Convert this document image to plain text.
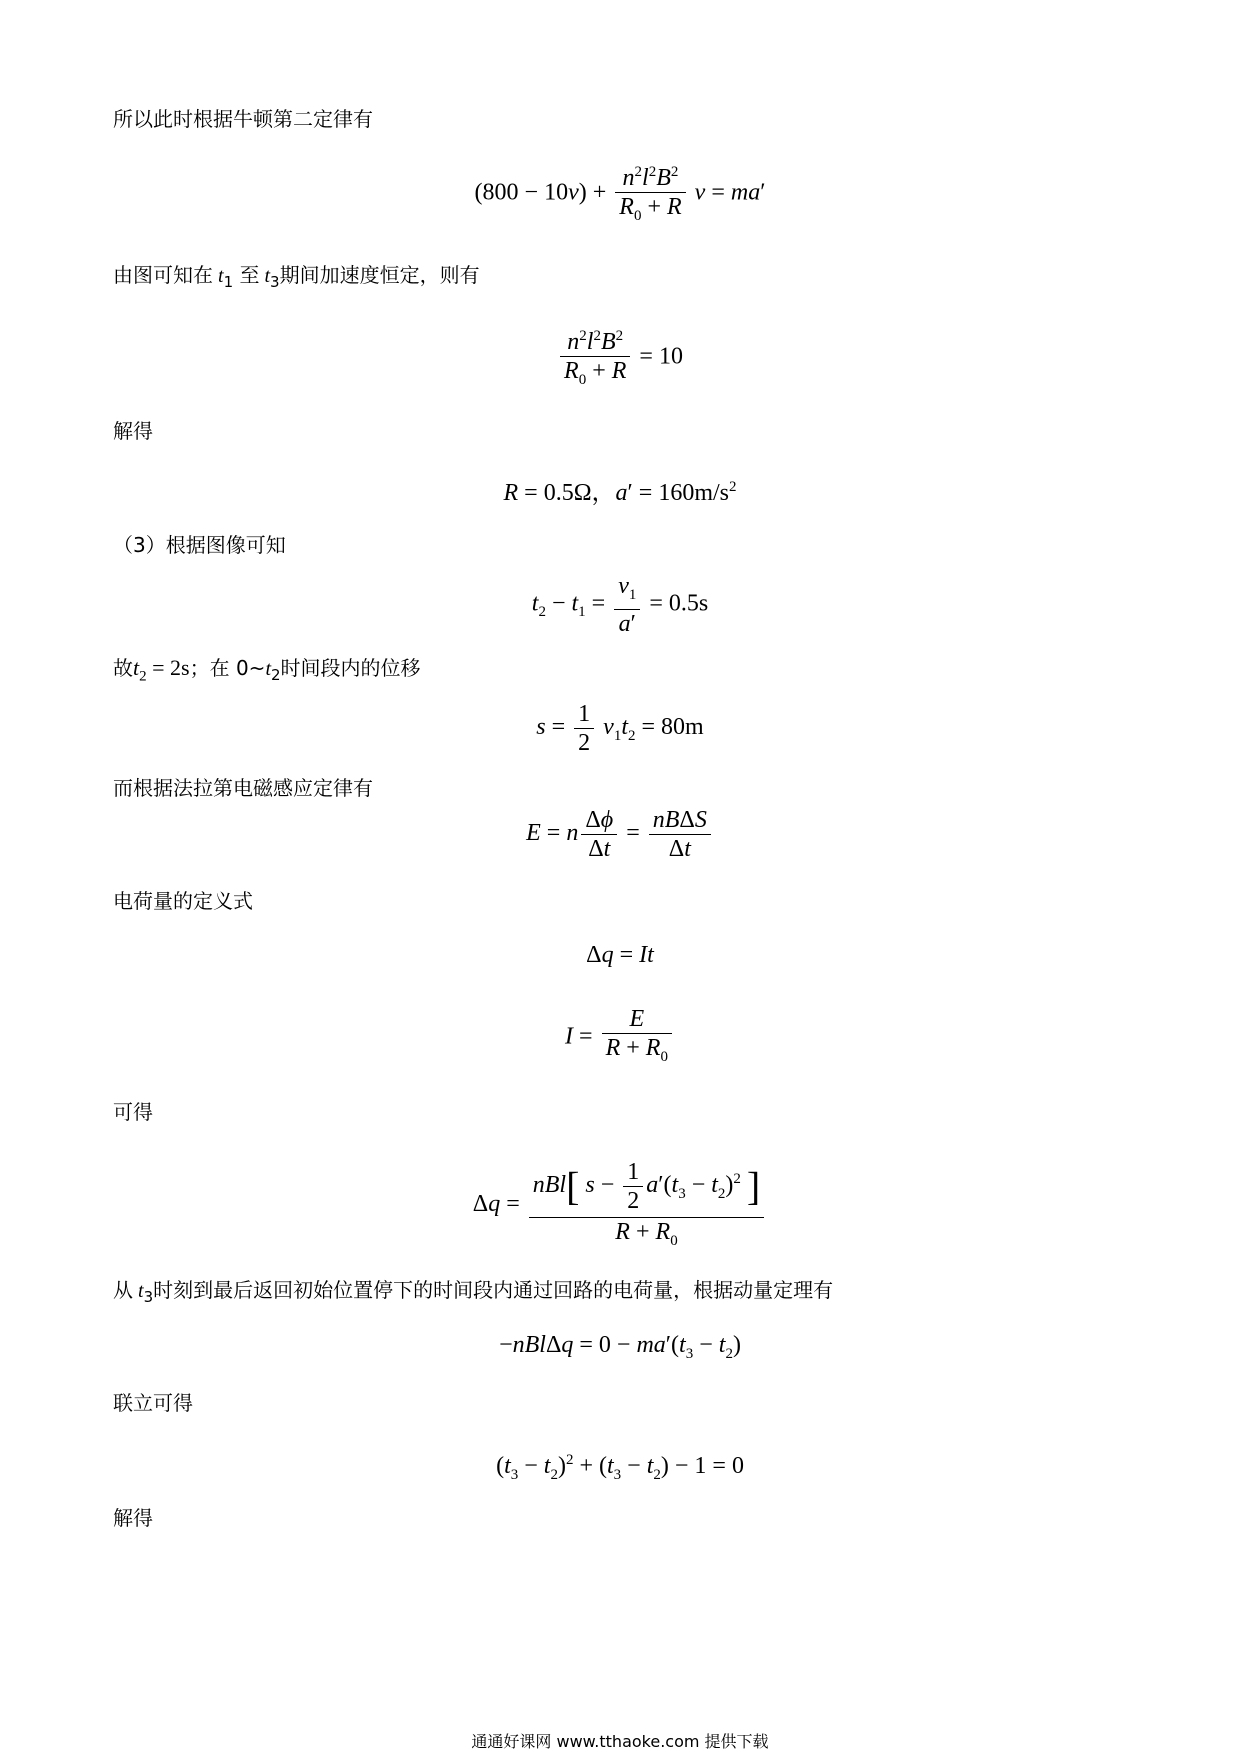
所以此时根据牛顿第二定律有
$(800 - 10v) + \frac{n^2l^2B^2}{R_0 + R}$ v = ma′
由图可知在 $t_1$ 至 $t_3$期间加速度恒定，则有
$\frac{n^2l^2B^2}{R_0 + R} = 10$
解得
R = 0.5Ω，$a' = 160m/s^2$
（3）根据图像可知
$t_2 - t_1 = \frac{v_1}{a'} = 0.5s$
故$t_2 = 2s$；在 $0\sim t_2$时间段内的位移
$s = \frac{1}{2} v_1t_2 = 80m$
而根据法拉第电磁感应定律有
E = n $\frac{\Delta\phi}{\Delta t} = \frac{\text{nBΔS}}{\Delta t}$
电荷量的定义式
Δq = It
$I = \frac{E}{R + R_0}$
可得
$\Delta q = \frac{nBl[ s - \frac{1}{2} a'(t_3 - t_2)^2 ]}{R + R_0}$
从 $t_3$时刻到最后返回初始位置停下的时间段内通过回路的电荷量，根据动量定理有
$-nBl\Delta q = 0 - ma'(t_3 - t_2)$
联立可得
$(t_3 - t_2)^2 + (t_3 - t_2) - 1 = 0$
解得
通通好课网 www.tthaoke.com 提供下载
